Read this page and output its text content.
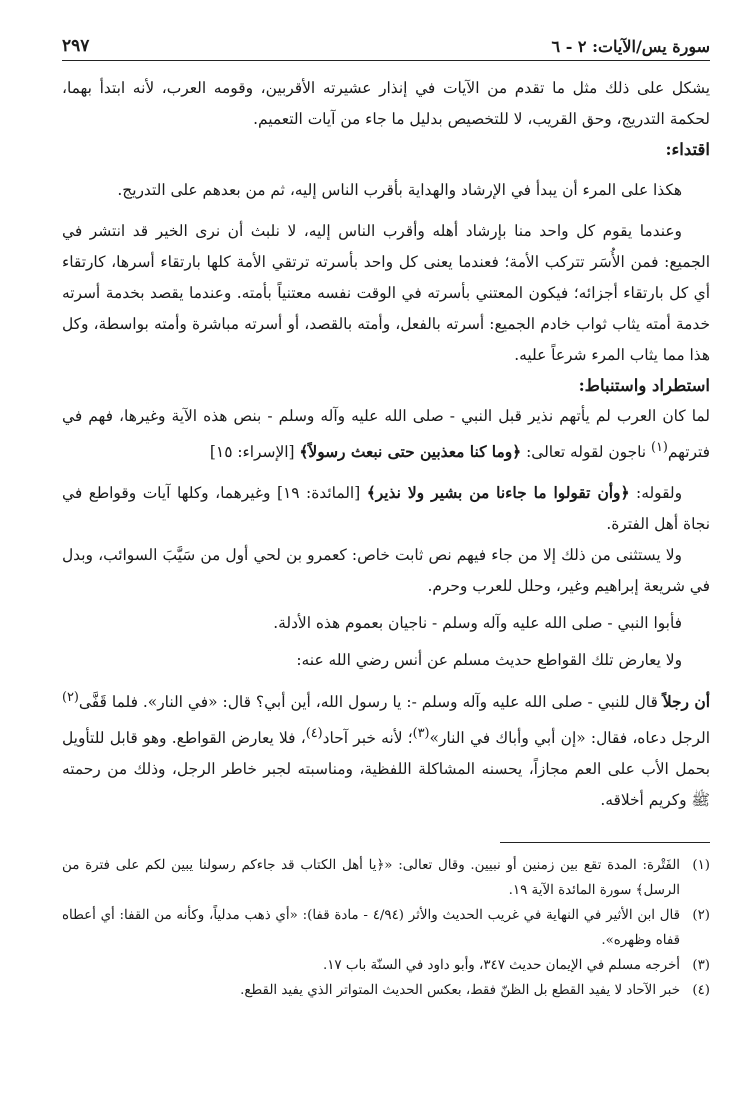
سورة يس/الآيات: ٢ - ٦
٢٩٧

يشكل على ذلك مثل ما تقدم من الآيات في إنذار عشيرته الأقربين، وقومه العرب، لأنه ابتدأ بهما، لحكمة التدريج، وحق القريب، لا للتخصيص بدليل ما جاء من آيات التعميم.

اقتداء:

هكذا على المرء أن يبدأ في الإرشاد والهداية بأقرب الناس إليه، ثم من بعدهم على التدريج.

وعندما يقوم كل واحد منا بإرشاد أهله وأقرب الناس إليه، لا نلبث أن نرى الخير قد انتشر في الجميع: فمن الأُسَر تتركب الأمة؛ فعندما يعنى كل واحد بأسرته ترتقي الأمة كلها بارتقاء أسرها، كارتقاء أي كل بارتقاء أجزائه؛ فيكون المعتني بأسرته في الوقت نفسه معتنياً بأمته. وعندما يقصد بخدمة أسرته خدمة أمته يثاب ثواب خادم الجميع: أسرته بالفعل، وأمته بالقصد، أو أسرته مباشرة وأمته بواسطة، وكل هذا مما يثاب المرء شرعاً عليه.

استطراد واستنباط:

لما كان العرب لم يأتهم نذير قبل النبي - صلى الله عليه وآله وسلم - بنص هذه الآية وغيرها، فهم في فترتهم$^{(١)}$ ناجون لقوله تعالى: ﴿وما كنا معذبين حتى نبعث رسولاً﴾ [الإسراء: ١٥]

ولقوله: ﴿وأن تقولوا ما جاءنا من بشير ولا نذير﴾ [المائدة: ١٩] وغيرهما، وكلها آيات وقواطع في نجاة أهل الفترة.

ولا يستثنى من ذلك إلا من جاء فيهم نص ثابت خاص: كعمرو بن لحي أول من سَيَّبَ السوائب، وبدل في شريعة إبراهيم وغير، وحلل للعرب وحرم.

فأبوا النبي - صلى الله عليه وآله وسلم - ناجيان بعموم هذه الأدلة.

ولا يعارض تلك القواطع حديث مسلم عن أنس رضي الله عنه:

أن رجلاً قال للنبي - صلى الله عليه وآله وسلم -: يا رسول الله، أين أبي؟ قال: «في النار». فلما قَفَّى$^{(٢)}$ الرجل دعاه، فقال: «إن أبي وأباك في النار»$^{(٣)}$؛ لأنه خبر آحاد$^{(٤)}$، فلا يعارض القواطع. وهو قابل للتأويل بحمل الأب على العم مجازاً، يحسنه المشاكلة اللفظية، ومناسبته لجبر خاطر الرجل، وذلك من رحمته ﷺ وكريم أخلاقه.

(١)
الفَتْرة: المدة تقع بين زمنين أو نبيين. وقال تعالى: «﴿يا أهل الكتاب قد جاءكم رسولنا يبين لكم على فترة من الرسل﴾ سورة المائدة الآية ١٩.
(٢)
قال ابن الأثير في النهاية في غريب الحديث والأثر (٤/٩٤ - مادة قفا): «أي ذهب مدلياً، وكأنه من القفا: أي أعطاه قفاه وظهره».
(٣)
أخرجه مسلم في الإيمان حديث ٣٤٧، وأبو داود في السنّة باب ١٧.
(٤)
خبر الآحاد لا يفيد القطع بل الظنّ فقط، بعكس الحديث المتواتر الذي يفيد القطع.
